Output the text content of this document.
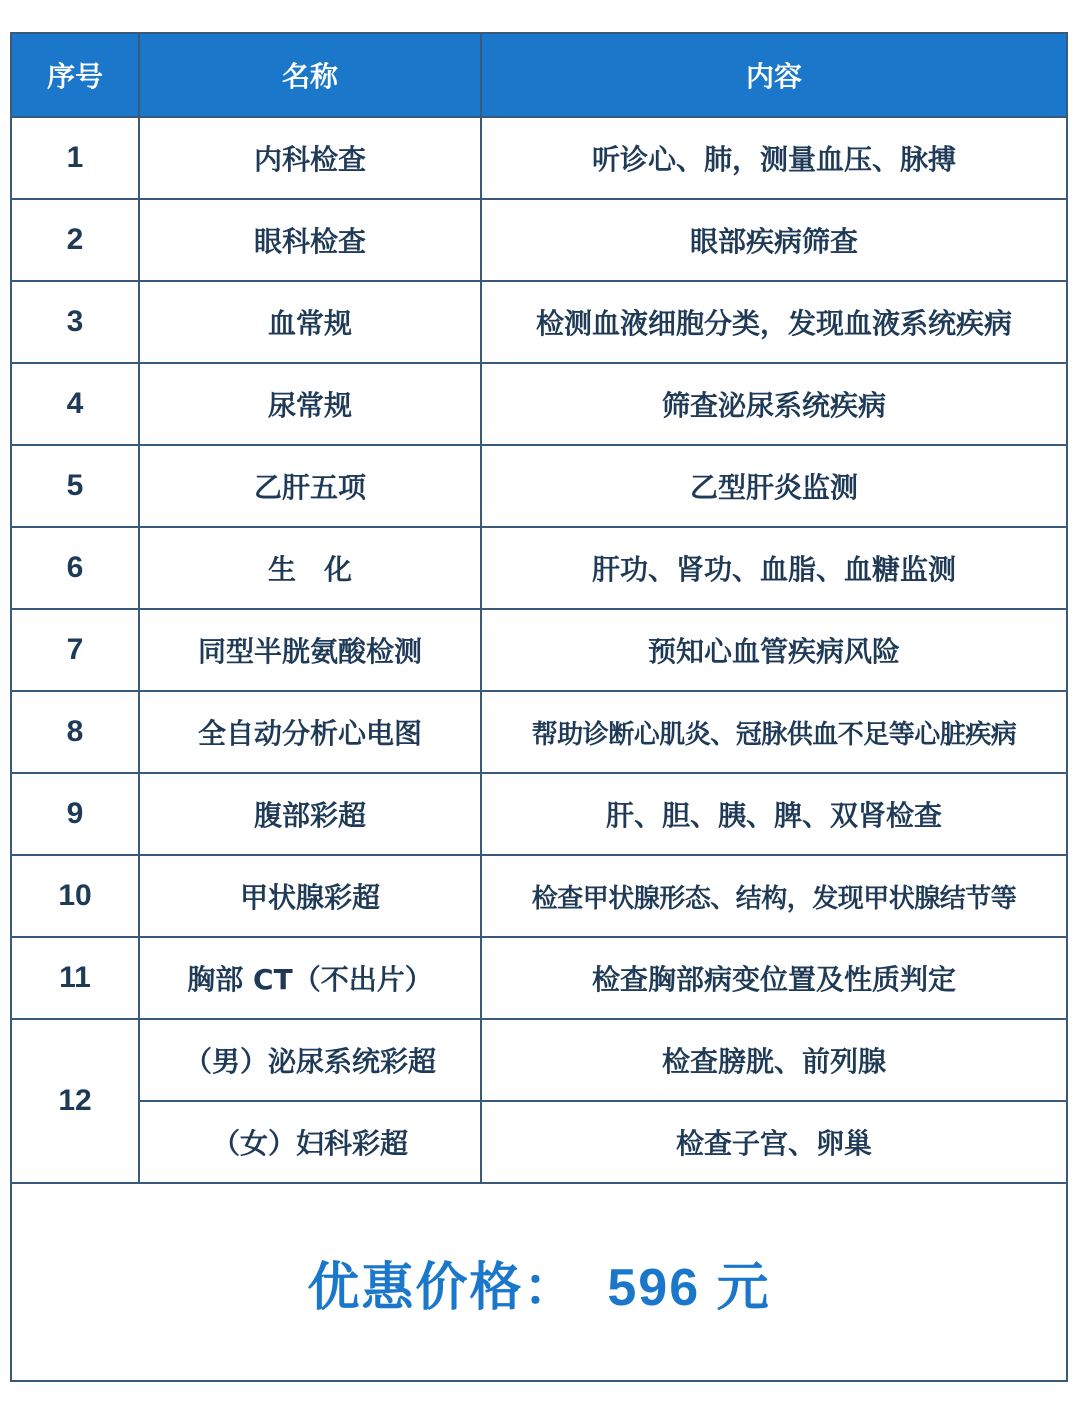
序号	名称	内容
1	内科检查	听诊心、肺，测量血压、脉搏
2	眼科检查	眼部疾病筛查
3	血常规	检测血液细胞分类，发现血液系统疾病
4	尿常规	筛查泌尿系统疾病
5	乙肝五项	乙型肝炎监测
6	生　化	肝功、肾功、血脂、血糖监测
7	同型半胱氨酸检测	预知心血管疾病风险
8	全自动分析心电图	帮助诊断心肌炎、冠脉供血不足等心脏疾病
9	腹部彩超	肝、胆、胰、脾、双肾检查
10	甲状腺彩超	检查甲状腺形态、结构，发现甲状腺结节等
11	胸部 CT（不出片）	检查胸部病变位置及性质判定
12	（男）泌尿系统彩超	检查膀胱、前列腺
	（女）妇科彩超	检查子宫、卵巢
优惠价格： 596 元
